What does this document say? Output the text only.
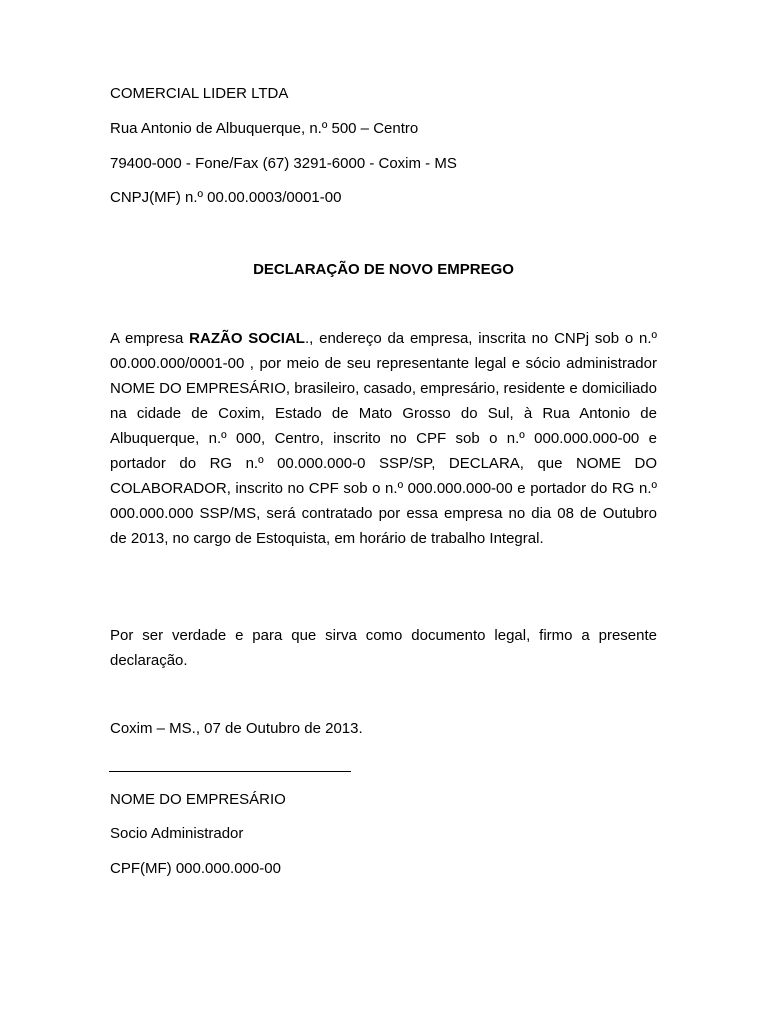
COMERCIAL LIDER LTDA
Rua Antonio de Albuquerque, n.º 500 – Centro
79400-000 - Fone/Fax (67) 3291-6000 - Coxim - MS
CNPJ(MF) n.º 00.00.0003/0001-00
DECLARAÇÃO DE NOVO EMPREGO

A empresa RAZÃO SOCIAL., endereço da empresa, inscrita no CNPj sob o n.º 00.000.000/0001-00 , por meio de seu representante legal e sócio administrador NOME DO EMPRESÁRIO, brasileiro, casado, empresário, residente e domiciliado na cidade de Coxim, Estado de Mato Grosso do Sul, à Rua Antonio de Albuquerque, n.º 000, Centro, inscrito no CPF sob o n.º 000.000.000-00 e portador do RG n.º 00.000.000-0 SSP/SP, DECLARA, que NOME DO COLABORADOR, inscrito no CPF sob o n.º 000.000.000-00 e portador do RG n.º 000.000.000 SSP/MS, será contratado por essa empresa no dia 08 de Outubro de 2013, no cargo de Estoquista, em horário de trabalho Integral.

Por ser verdade e para que sirva como documento legal, firmo a presente declaração.

Coxim – MS., 07 de Outubro de 2013.
NOME DO EMPRESÁRIO
Socio Administrador
CPF(MF) 000.000.000-00
